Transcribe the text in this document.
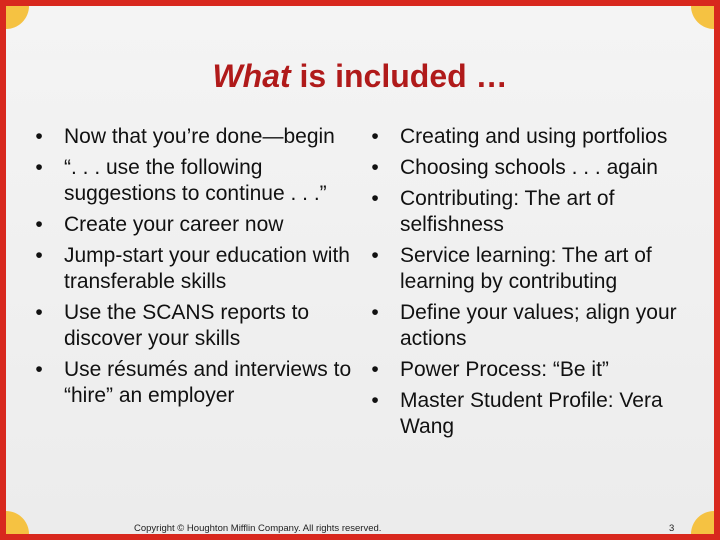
What is included …
• Now that you’re done—begin
• “. . . use the following suggestions to continue . . .”
• Create your career now
• Jump-start your education with transferable skills
• Use the SCANS reports to discover your skills
• Use résumés and interviews to “hire” an employer
• Creating and using portfolios
• Choosing schools . . . again
• Contributing: The art of selfishness
• Service learning: The art of learning by contributing
• Define your values; align your actions
• Power Process: “Be it”
• Master Student Profile: Vera Wang
Copyright © Houghton Mifflin Company. All rights reserved.	3
